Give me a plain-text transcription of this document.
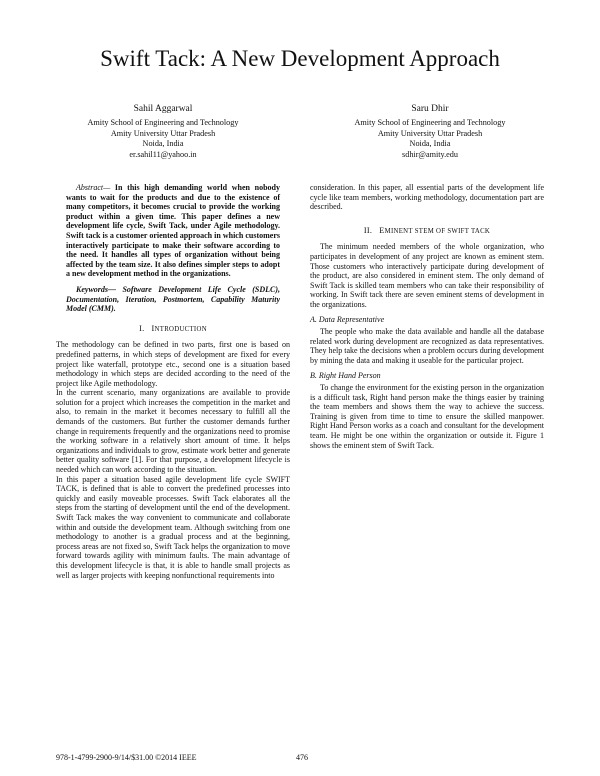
Swift Tack: A New Development Approach
Sahil Aggarwal
Amity School of Engineering and Technology
Amity University Uttar Pradesh
Noida, India
er.sahil11@yahoo.in
Saru Dhir
Amity School of Engineering and Technology
Amity University Uttar Pradesh
Noida, India
sdhir@amity.edu

Abstract— In this high demanding world when nobody wants to wait for the products and due to the existence of many competitors, it becomes crucial to provide the working product within a given time. This paper defines a new development life cycle, Swift Tack, under Agile methodology. Swift tack is a customer oriented approach in which customers interactively participate to make their software according to the need. It handles all types of organization without being affected by the team size. It also defines simpler steps to adopt a new development method in the organizations.

Keywords— Software Development Life Cycle (SDLC), Documentation, Iteration, Postmortem, Capability Maturity Model (CMM).

I. INTRODUCTION

The methodology can be defined in two parts, first one is based on predefined patterns, in which steps of development are fixed for every project like waterfall, prototype etc., second one is a situation based methodology in which steps are decided according to the need of the project like Agile methodology.

In the current scenario, many organizations are available to provide solution for a project which increases the competition in the market and also, to remain in the market it becomes necessary to fulfill all the demands of the customers. But further the customer demands further change in requirements frequently and the organizations need to promise the working software in a relatively short amount of time. It helps organizations and individuals to grow, estimate work better and generate better quality software [1]. For that purpose, a development lifecycle is needed which can work according to the situation.

In this paper a situation based agile development life cycle SWIFT TACK, is defined that is able to convert the predefined processes into quickly and easily moveable processes. Swift Tack elaborates all the steps from the starting of development until the end of the development. Swift Tack makes the way convenient to communicate and collaborate within and outside the development team. Although switching from one methodology to another is a gradual process and at the beginning, process areas are not fixed so, Swift Tack helps the organization to move forward towards agility with minimum faults. The main advantage of this development lifecycle is that, it is able to handle small projects as well as larger projects with keeping nonfunctional requirements into

consideration. In this paper, all essential parts of the development life cycle like team members, working methodology, documentation part are described.

II. EMINENT STEM OF SWIFT TACK

The minimum needed members of the whole organization, who participates in development of any project are known as eminent stem. Those customers who interactively participate during development of the product, are also considered in eminent stem. The only demand of Swift Tack is skilled team members who can take their responsibility of working. In Swift tack there are seven eminent stems of development in the organizations.

A. Data Representative

The people who make the data available and handle all the database related work during development are recognized as data representatives. They help take the decisions when a problem occurs during development by mining the data and making it useable for the particular project.

B. Right Hand Person

To change the environment for the existing person in the organization is a difficult task, Right hand person make the things easier by training the team members and shows them the way to achieve the success. Training is given from time to time to ensure the skilled manpower. Right Hand Person works as a coach and consultant for the development team. He might be one within the organization or outside it. Figure 1 shows the eminent stem of Swift Tack.

978-1-4799-2900-9/14/$31.00 ©2014 IEEE	476
